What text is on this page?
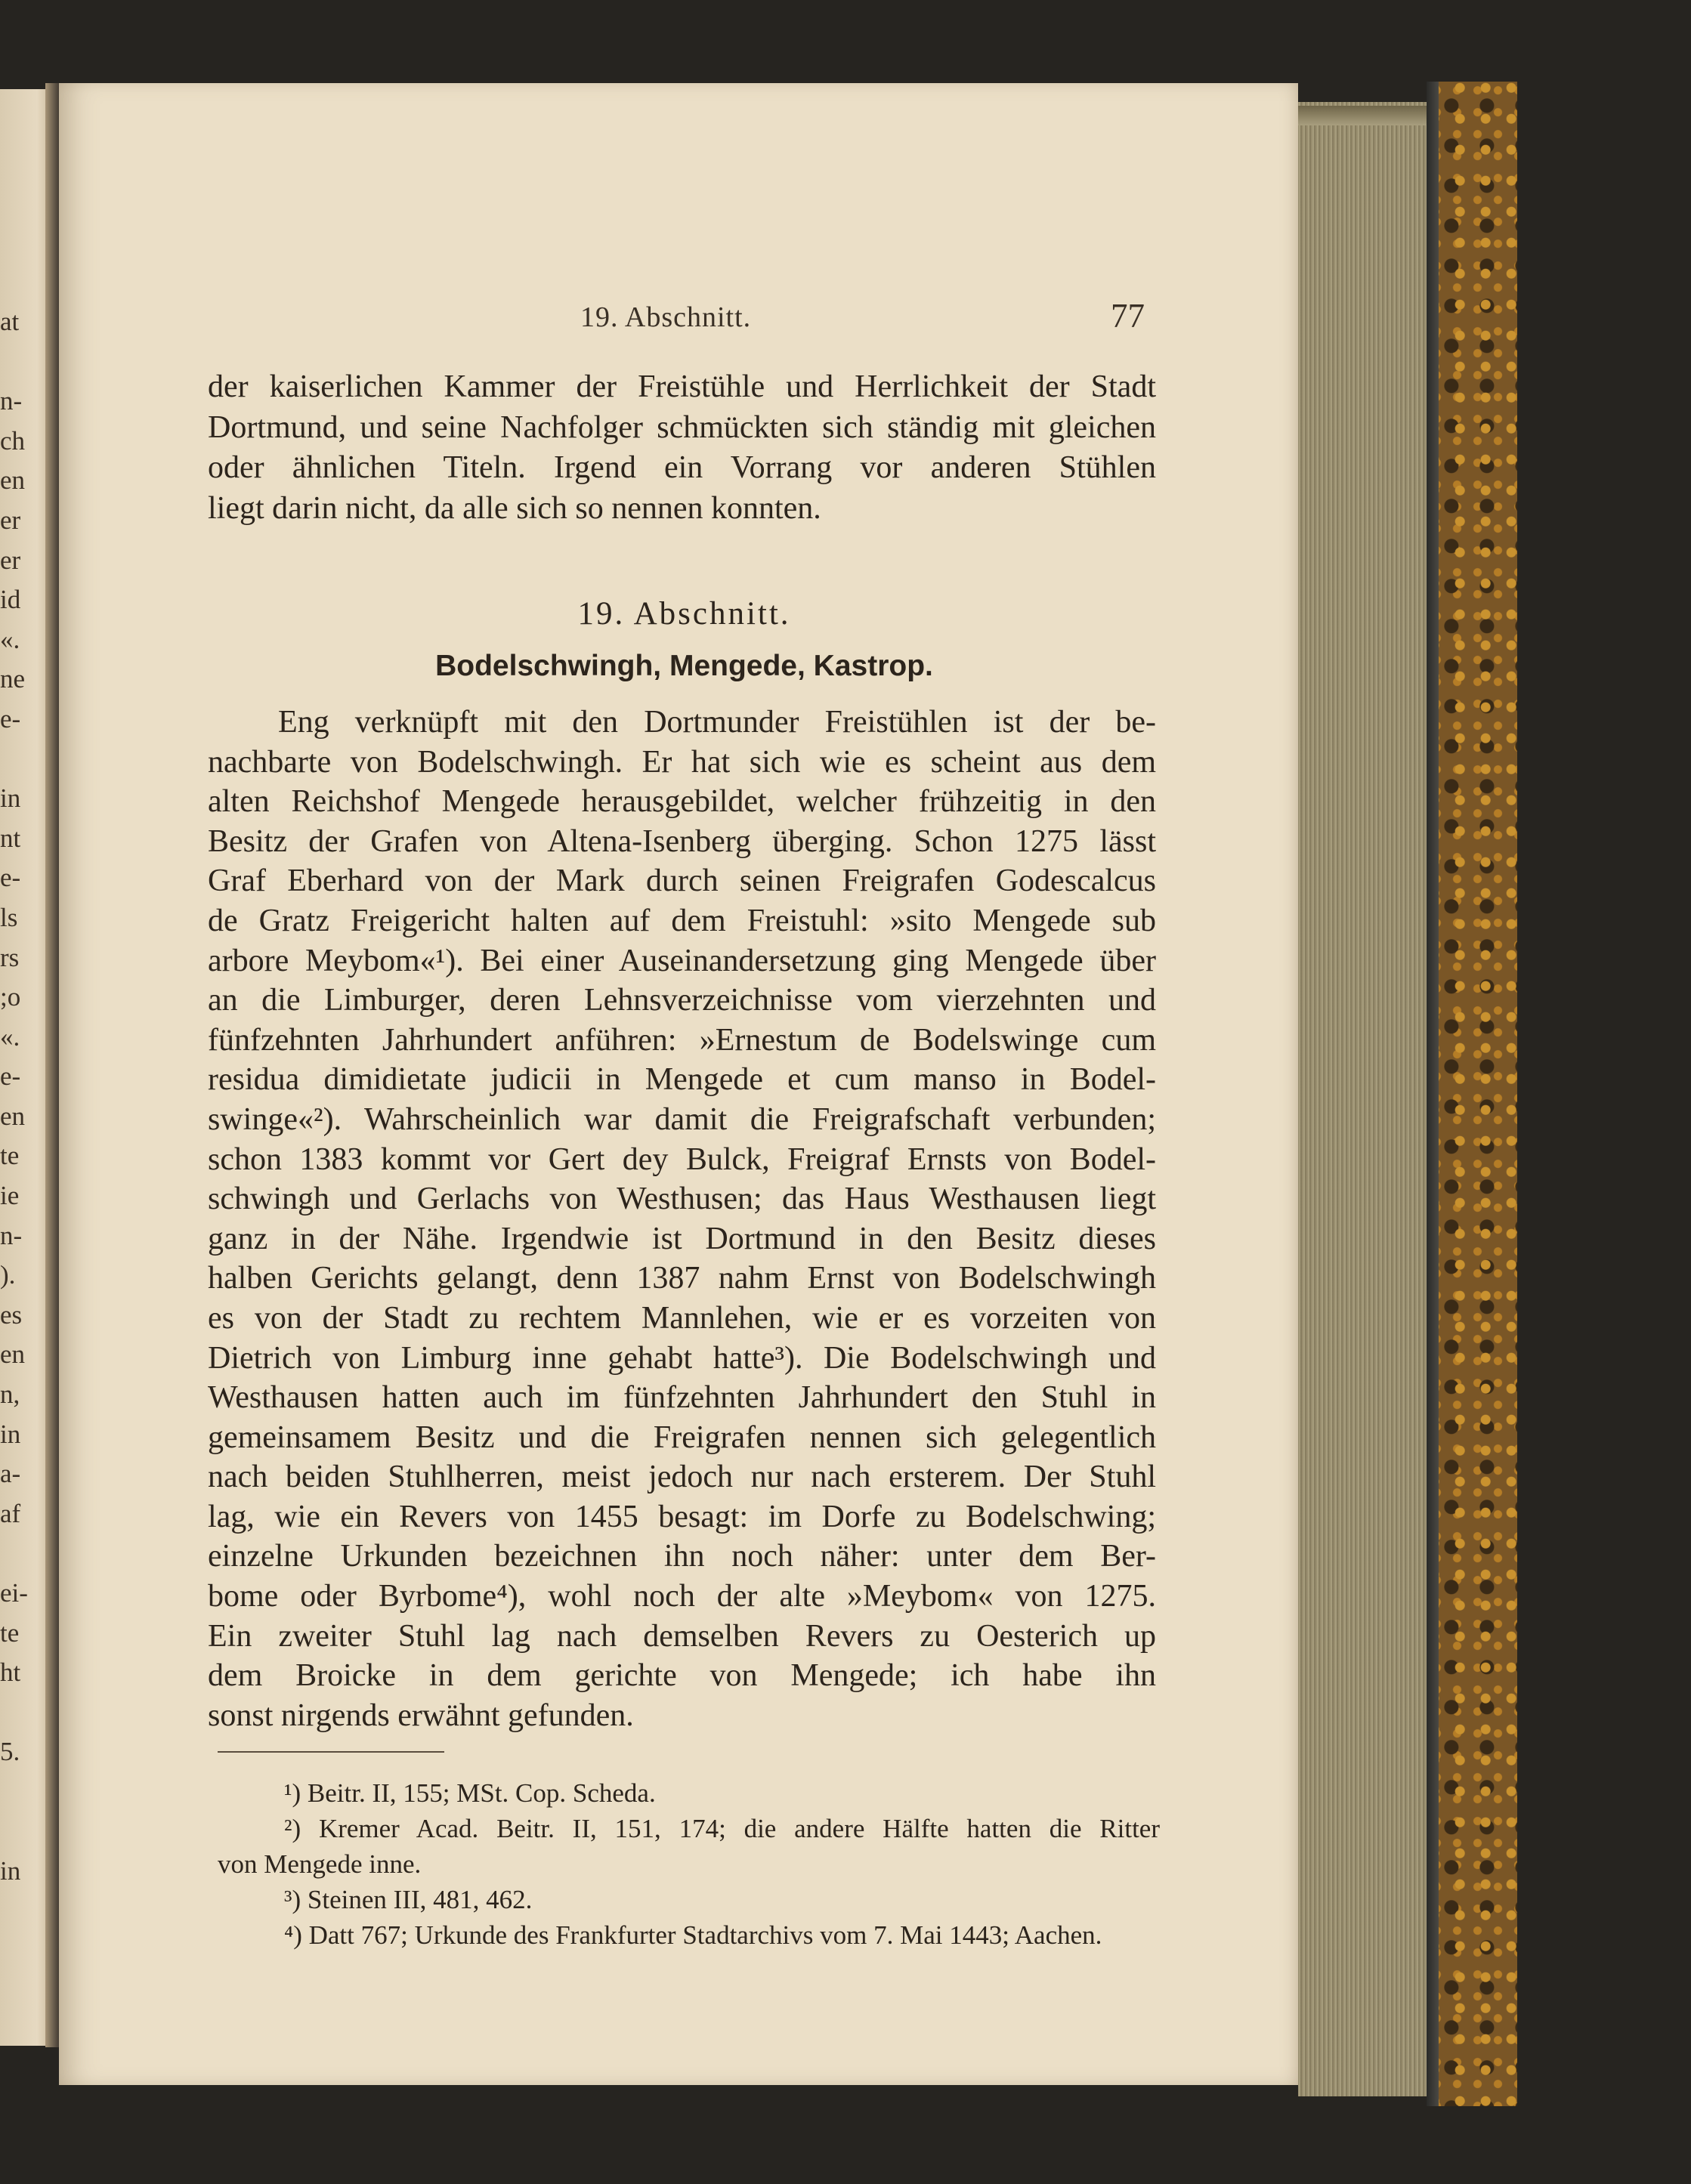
at

n-
ch
en
er
er
id
«.
ne
e-

in
nt
e-
ls
rs
;o
«.
e-
en
te
ie
n-
).
es
en
n,
in
a-
af

ei-
te
ht

5.

in
19. Abschnitt.	77
der kaiserlichen Kammer der Freistühle und Herrlichkeit der Stadt
Dortmund, und seine Nachfolger schmückten sich ständig mit gleichen
oder ähnlichen Titeln. Irgend ein Vorrang vor anderen Stühlen
liegt darin nicht, da alle sich so nennen konnten.
19. Abschnitt.
Bodelschwingh, Mengede, Kastrop.
Eng verknüpft mit den Dortmunder Freistühlen ist der be-
nachbarte von Bodelschwingh. Er hat sich wie es scheint aus dem
alten Reichshof Mengede herausgebildet, welcher frühzeitig in den
Besitz der Grafen von Altena-Isenberg überging. Schon 1275 lässt
Graf Eberhard von der Mark durch seinen Freigrafen Godescalcus
de Gratz Freigericht halten auf dem Freistuhl: »sito Mengede sub
arbore Meybom«¹). Bei einer Auseinandersetzung ging Mengede über
an die Limburger, deren Lehnsverzeichnisse vom vierzehnten und
fünfzehnten Jahrhundert anführen: »Ernestum de Bodelswinge cum
residua dimidietate judicii in Mengede et cum manso in Bodel-
swinge«²). Wahrscheinlich war damit die Freigrafschaft verbunden;
schon 1383 kommt vor Gert dey Bulck, Freigraf Ernsts von Bodel-
schwingh und Gerlachs von Westhusen; das Haus Westhausen liegt
ganz in der Nähe. Irgendwie ist Dortmund in den Besitz dieses
halben Gerichts gelangt, denn 1387 nahm Ernst von Bodelschwingh
es von der Stadt zu rechtem Mannlehen, wie er es vorzeiten von
Dietrich von Limburg inne gehabt hatte³). Die Bodelschwingh und
Westhausen hatten auch im fünfzehnten Jahrhundert den Stuhl in
gemeinsamem Besitz und die Freigrafen nennen sich gelegentlich
nach beiden Stuhlherren, meist jedoch nur nach ersterem. Der Stuhl
lag, wie ein Revers von 1455 besagt: im Dorfe zu Bodelschwing;
einzelne Urkunden bezeichnen ihn noch näher: unter dem Ber-
bome oder Byrbome⁴), wohl noch der alte »Meybom« von 1275.
Ein zweiter Stuhl lag nach demselben Revers zu Oesterich up
dem Broicke in dem gerichte von Mengede; ich habe ihn
sonst nirgends erwähnt gefunden.
¹) Beitr. II, 155; MSt. Cop. Scheda.
²) Kremer Acad. Beitr. II, 151, 174; die andere Hälfte hatten die Ritter
von Mengede inne.
³) Steinen III, 481, 462.
⁴) Datt 767; Urkunde des Frankfurter Stadtarchivs vom 7. Mai 1443; Aachen.
